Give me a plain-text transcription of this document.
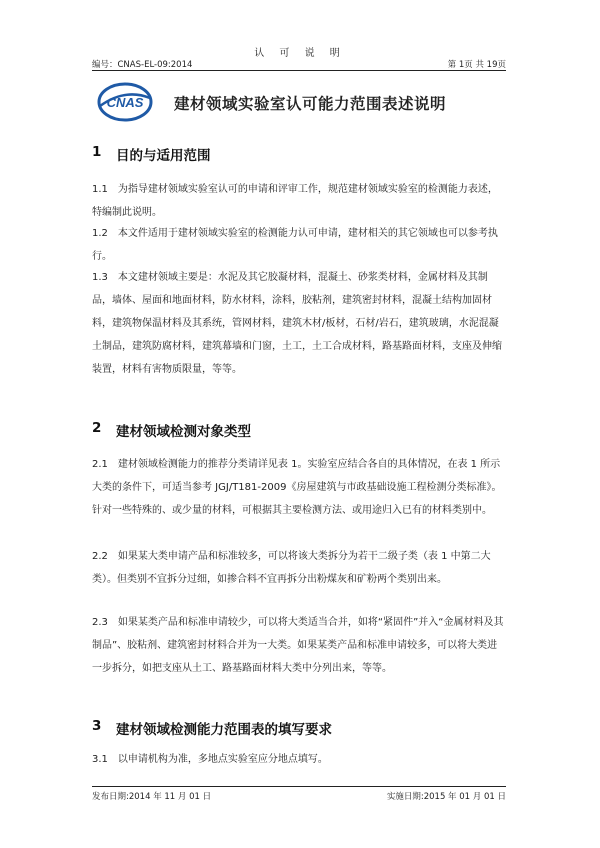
认 可 说 明
编号：CNAS-EL-09:2014	第 1页 共 19页
CNAS 建材领域实验室认可能力范围表述说明
1	目的与适用范围
1.1 为指导建材领域实验室认可的申请和评审工作，规范建材领域实验室的检测能力表述，特编制此说明。
1.2 本文件适用于建材领域实验室的检测能力认可申请，建材相关的其它领域也可以参考执行。
1.3 本文建材领域主要是：水泥及其它胶凝材料，混凝土、砂浆类材料，金属材料及其制品，墙体、屋面和地面材料，防水材料，涂料，胶粘剂，建筑密封材料，混凝土结构加固材料，建筑物保温材料及其系统，管网材料，建筑木材/板材，石材/岩石，建筑玻璃，水泥混凝土制品，建筑防腐材料，建筑幕墙和门窗，土工，土工合成材料，路基路面材料，支座及伸缩装置，材料有害物质限量，等等。
2	建材领域检测对象类型
2.1 建材领域检测能力的推荐分类请详见表 1。实验室应结合各自的具体情况，在表 1 所示大类的条件下，可适当参考 JGJ/T181-2009《房屋建筑与市政基础设施工程检测分类标准》。针对一些特殊的、或少量的材料，可根据其主要检测方法、或用途归入已有的材料类别中。
2.2 如果某大类申请产品和标准较多，可以将该大类拆分为若干二级子类（表 1 中第二大类）。但类别不宜拆分过细，如掺合料不宜再拆分出粉煤灰和矿粉两个类别出来。
2.3 如果某类产品和标准申请较少，可以将大类适当合并，如将“紧固件”并入“金属材料及其制品”、胶粘剂、建筑密封材料合并为一大类。如果某类产品和标准申请较多，可以将大类进一步拆分，如把支座从土工、路基路面材料大类中分列出来，等等。
3	建材领域检测能力范围表的填写要求
3.1 以申请机构为准，多地点实验室应分地点填写。
发布日期:2014 年 11 月 01 日	实施日期:2015 年 01 月 01 日
